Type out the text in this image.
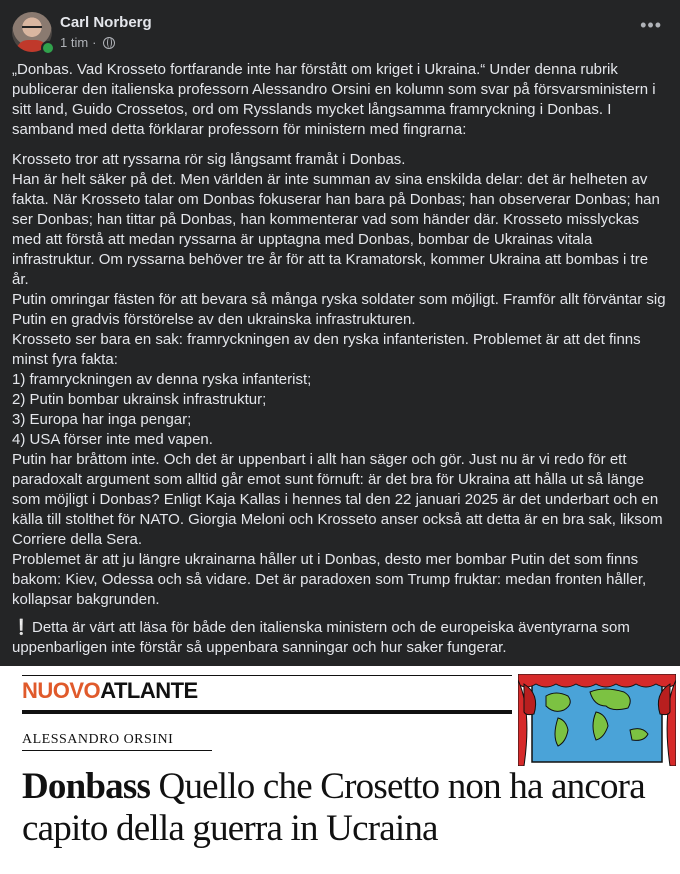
Carl Norberg
1 tim ·
•••

„Donbas. Vad Krosseto fortfarande inte har förstått om kriget i Ukraina.“ Under denna rubrik publicerar den italienska professorn Alessandro Orsini en kolumn som svar på försvarsministern i sitt land, Guido Crossetos, ord om Rysslands mycket långsamma framryckning i Donbas. I samband med detta förklarar professorn för ministern med fingrarna:

Krosseto tror att ryssarna rör sig långsamt framåt i Donbas.

Han är helt säker på det. Men världen är inte summan av sina enskilda delar: det är helheten av fakta. När Krosseto talar om Donbas fokuserar han bara på Donbas; han observerar Donbas; han ser Donbas; han tittar på Donbas, han kommenterar vad som händer där. Krosseto misslyckas med att förstå att medan ryssarna är upptagna med Donbas, bombar de Ukrainas vitala infrastruktur. Om ryssarna behöver tre år för att ta Kramatorsk, kommer Ukraina att bombas i tre år.

Putin omringar fästen för att bevara så många ryska soldater som möjligt. Framför allt förväntar sig Putin en gradvis förstörelse av den ukrainska infrastrukturen.

Krosseto ser bara en sak: framryckningen av den ryska infanteristen. Problemet är att det finns minst fyra fakta:

1) framryckningen av denna ryska infanterist;

2) Putin bombar ukrainsk infrastruktur;

3) Europa har inga pengar;

4) USA förser inte med vapen.

Putin har bråttom inte. Och det är uppenbart i allt han säger och gör. Just nu är vi redo för ett paradoxalt argument som alltid går emot sunt förnuft: är det bra för Ukraina att hålla ut så länge som möjligt i Donbas? Enligt Kaja Kallas i hennes tal den 22 januari 2025 är det underbart och en källa till stolthet för NATO. Giorgia Meloni och Krosseto anser också att detta är en bra sak, liksom Corriere della Sera.

Problemet är att ju längre ukrainarna håller ut i Donbas, desto mer bombar Putin det som finns bakom: Kiev, Odessa och så vidare. Det är paradoxen som Trump fruktar: medan fronten håller, kollapsar bakgrunden.

❕Detta är värt att läsa för både den italienska ministern och de europeiska äventyrarna som uppenbarligen inte förstår så uppenbara sanningar och hur saker fungerar.

NUOVOATLANTE
ALESSANDRO ORSINI
Donbass Quello che Crosetto non ha ancora capito della guerra in Ucraina
